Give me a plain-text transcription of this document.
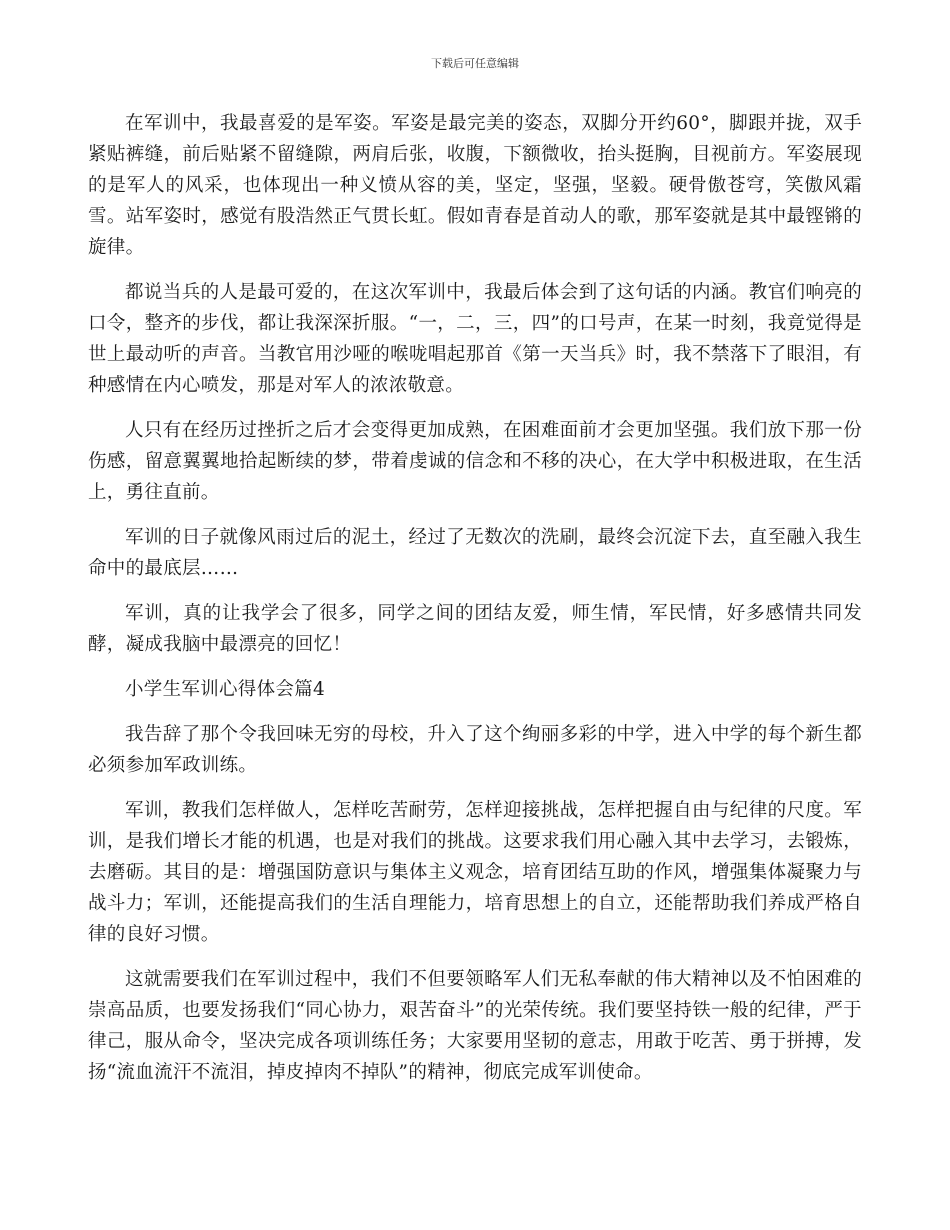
下载后可任意编辑

在军训中，我最喜爱的是军姿。军姿是最完美的姿态，双脚分开约60°，脚跟并拢，双手紧贴裤缝，前后贴紧不留缝隙，两肩后张，收腹，下额微收，抬头挺胸，目视前方。军姿展现的是军人的风采，也体现出一种义愤从容的美，坚定，坚强，坚毅。硬骨傲苍穹，笑傲风霜雪。站军姿时，感觉有股浩然正气贯长虹。假如青春是首动人的歌，那军姿就是其中最铿锵的旋律。

都说当兵的人是最可爱的，在这次军训中，我最后体会到了这句话的内涵。教官们响亮的口令，整齐的步伐，都让我深深折服。“一，二，三，四”的口号声，在某一时刻，我竟觉得是世上最动听的声音。当教官用沙哑的喉咙唱起那首《第一天当兵》时，我不禁落下了眼泪，有种感情在内心喷发，那是对军人的浓浓敬意。

人只有在经历过挫折之后才会变得更加成熟，在困难面前才会更加坚强。我们放下那一份伤感，留意翼翼地拾起断续的梦，带着虔诚的信念和不移的决心，在大学中积极进取，在生活上，勇往直前。

军训的日子就像风雨过后的泥土，经过了无数次的洗刷，最终会沉淀下去，直至融入我生命中的最底层……

军训，真的让我学会了很多，同学之间的团结友爱，师生情，军民情，好多感情共同发酵，凝成我脑中最漂亮的回忆！

小学生军训心得体会篇4

我告辞了那个令我回味无穷的母校，升入了这个绚丽多彩的中学，进入中学的每个新生都必须参加军政训练。

军训，教我们怎样做人，怎样吃苦耐劳，怎样迎接挑战，怎样把握自由与纪律的尺度。军训，是我们增长才能的机遇，也是对我们的挑战。这要求我们用心融入其中去学习，去锻炼，去磨砺。其目的是：增强国防意识与集体主义观念，培育团结互助的作风，增强集体凝聚力与战斗力；军训，还能提高我们的生活自理能力，培育思想上的自立，还能帮助我们养成严格自律的良好习惯。

这就需要我们在军训过程中，我们不但要领略军人们无私奉献的伟大精神以及不怕困难的崇高品质，也要发扬我们“同心协力，艰苦奋斗”的光荣传统。我们要坚持铁一般的纪律，严于律己，服从命令，坚决完成各项训练任务；大家要用坚韧的意志，用敢于吃苦、勇于拼搏，发扬“流血流汗不流泪，掉皮掉肉不掉队”的精神，彻底完成军训使命。
